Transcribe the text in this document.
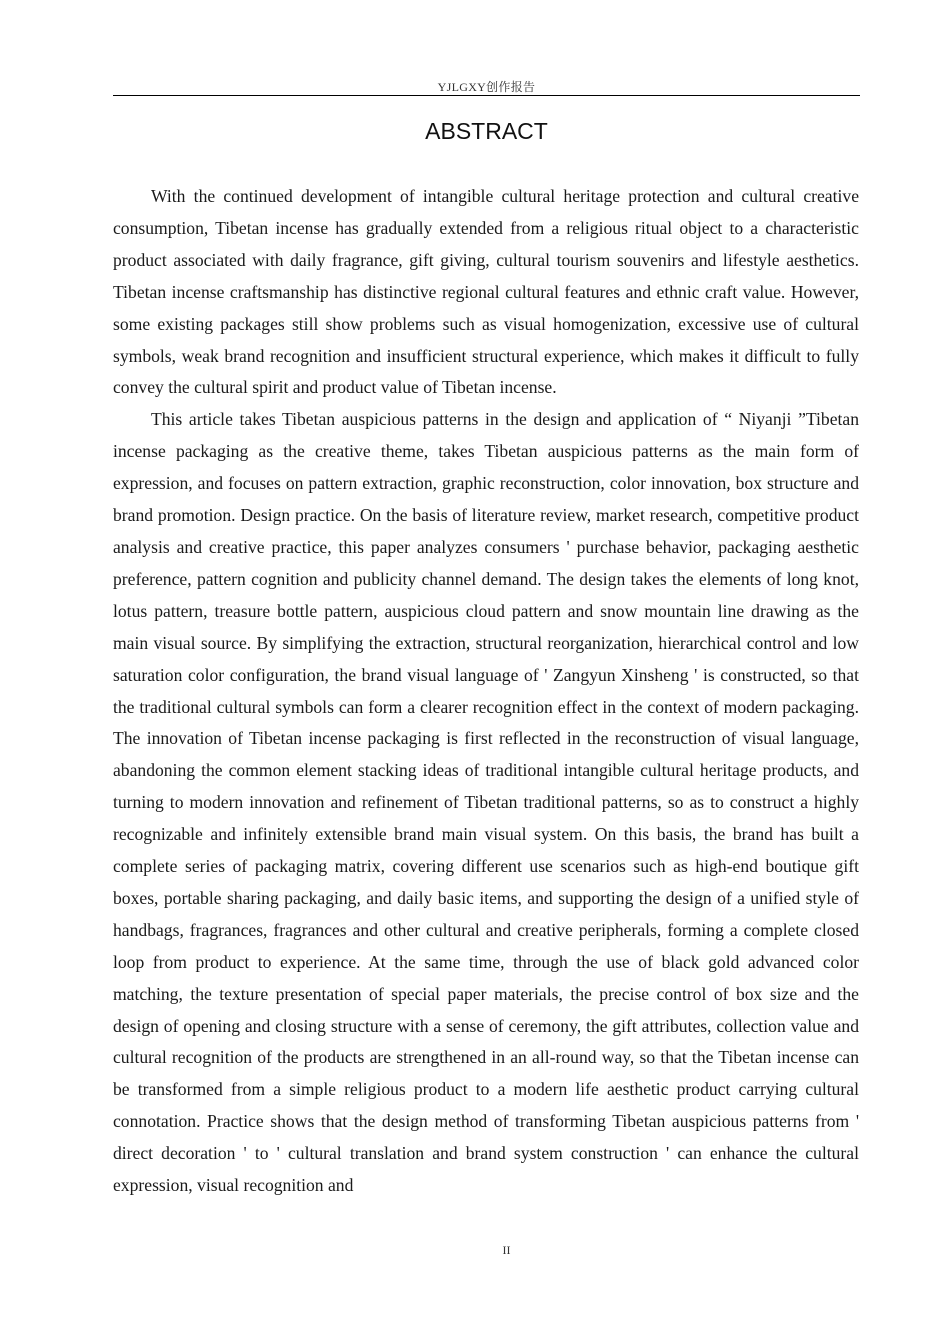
YJLGXY创作报告
ABSTRACT

With the continued development of intangible cultural heritage protection and cultural creative consumption, Tibetan incense has gradually extended from a religious ritual object to a characteristic product associated with daily fragrance, gift giving, cultural tourism souvenirs and lifestyle aesthetics. Tibetan incense craftsmanship has distinctive regional cultural features and ethnic craft value. However, some existing packages still show problems such as visual homogenization, excessive use of cultural symbols, weak brand recognition and insufficient structural experience, which makes it difficult to fully convey the cultural spirit and product value of Tibetan incense.

This article takes Tibetan auspicious patterns in the design and application of “ Niyanji ”Tibetan incense packaging as the creative theme, takes Tibetan auspicious patterns as the main form of expression, and focuses on pattern extraction, graphic reconstruction, color innovation, box structure and brand promotion. Design practice. On the basis of literature review, market research, competitive product analysis and creative practice, this paper analyzes consumers ' purchase behavior, packaging aesthetic preference, pattern cognition and publicity channel demand. The design takes the elements of long knot, lotus pattern, treasure bottle pattern, auspicious cloud pattern and snow mountain line drawing as the main visual source. By simplifying the extraction, structural reorganization, hierarchical control and low saturation color configuration, the brand visual language of ' Zangyun Xinsheng ' is constructed, so that the traditional cultural symbols can form a clearer recognition effect in the context of modern packaging. The innovation of Tibetan incense packaging is first reflected in the reconstruction of visual language, abandoning the common element stacking ideas of traditional intangible cultural heritage products, and turning to modern innovation and refinement of Tibetan traditional patterns, so as to construct a highly recognizable and infinitely extensible brand main visual system. On this basis, the brand has built a complete series of packaging matrix, covering different use scenarios such as high-end boutique gift boxes, portable sharing packaging, and daily basic items, and supporting the design of a unified style of handbags, fragrances, fragrances and other cultural and creative peripherals, forming a complete closed loop from product to experience. At the same time, through the use of black gold advanced color matching, the texture presentation of special paper materials, the precise control of box size and the design of opening and closing structure with a sense of ceremony, the gift attributes, collection value and cultural recognition of the products are strengthened in an all-round way, so that the Tibetan incense can be transformed from a simple religious product to a modern life aesthetic product carrying cultural connotation. Practice shows that the design method of transforming Tibetan auspicious patterns from ' direct decoration ' to ' cultural translation and brand system construction ' can enhance the cultural expression, visual recognition and

II
